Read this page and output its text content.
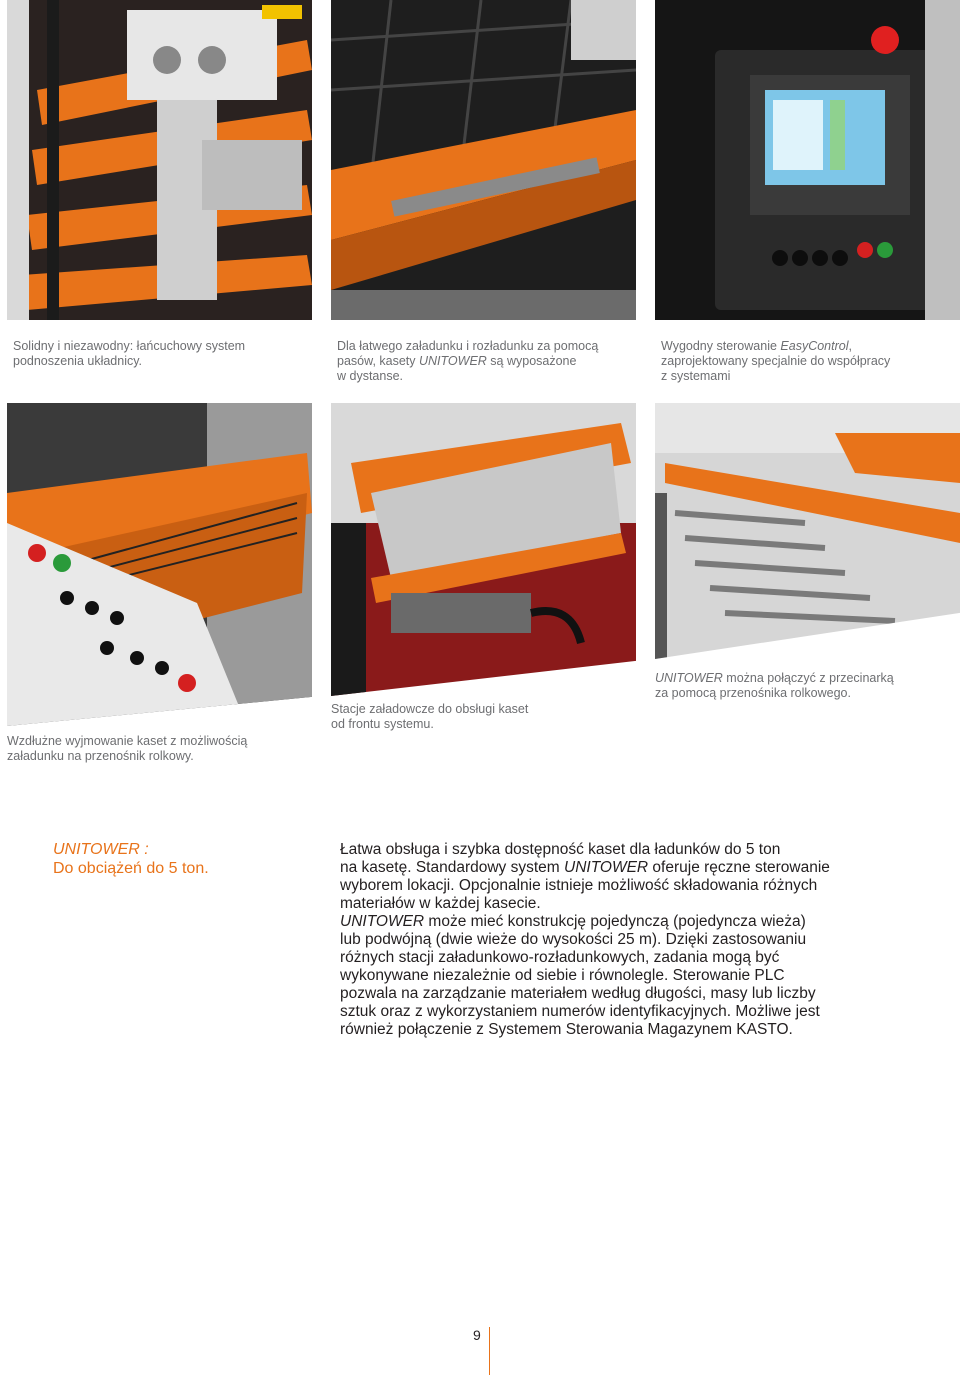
Solidny i niezawodny: łańcuchowy system
podnoszenia układnicy.

Dla łatwego załadunku i rozładunku za pomocą
pasów, kasety UNITOWER są wyposażone
w dystanse.

Wygodny sterowanie EasyControl,
zaprojektowany specjalnie do współpracy
z systemami

Wzdłużne wyjmowanie kaset z możliwością
załadunku na przenośnik rolkowy.

Stacje załadowcze do obsługi kaset
od frontu systemu.

UNITOWER można połączyć z przecinarką
za pomocą przenośnika rolkowego.

UNITOWER :
Do obciążeń do 5 ton.
Łatwa obsługa i szybka dostępność kaset dla ładunków do 5 ton
na kasetę. Standardowy system UNITOWER oferuje ręczne sterowanie
wyborem lokacji. Opcjonalnie istnieje możliwość składowania różnych
materiałów w każdej kasecie.
UNITOWER może mieć konstrukcję pojedynczą (pojedyncza wieża)
lub podwójną (dwie wieże do wysokości 25 m). Dzięki zastosowaniu
różnych stacji załadunkowo-rozładunkowych, zadania mogą być
wykonywane niezależnie od siebie i równolegle. Sterowanie PLC
pozwala na zarządzanie materiałem według długości, masy lub liczby
sztuk oraz z wykorzystaniem numerów identyfikacyjnych. Możliwe jest
również połączenie z Systemem Sterowania Magazynem KASTO.
9
